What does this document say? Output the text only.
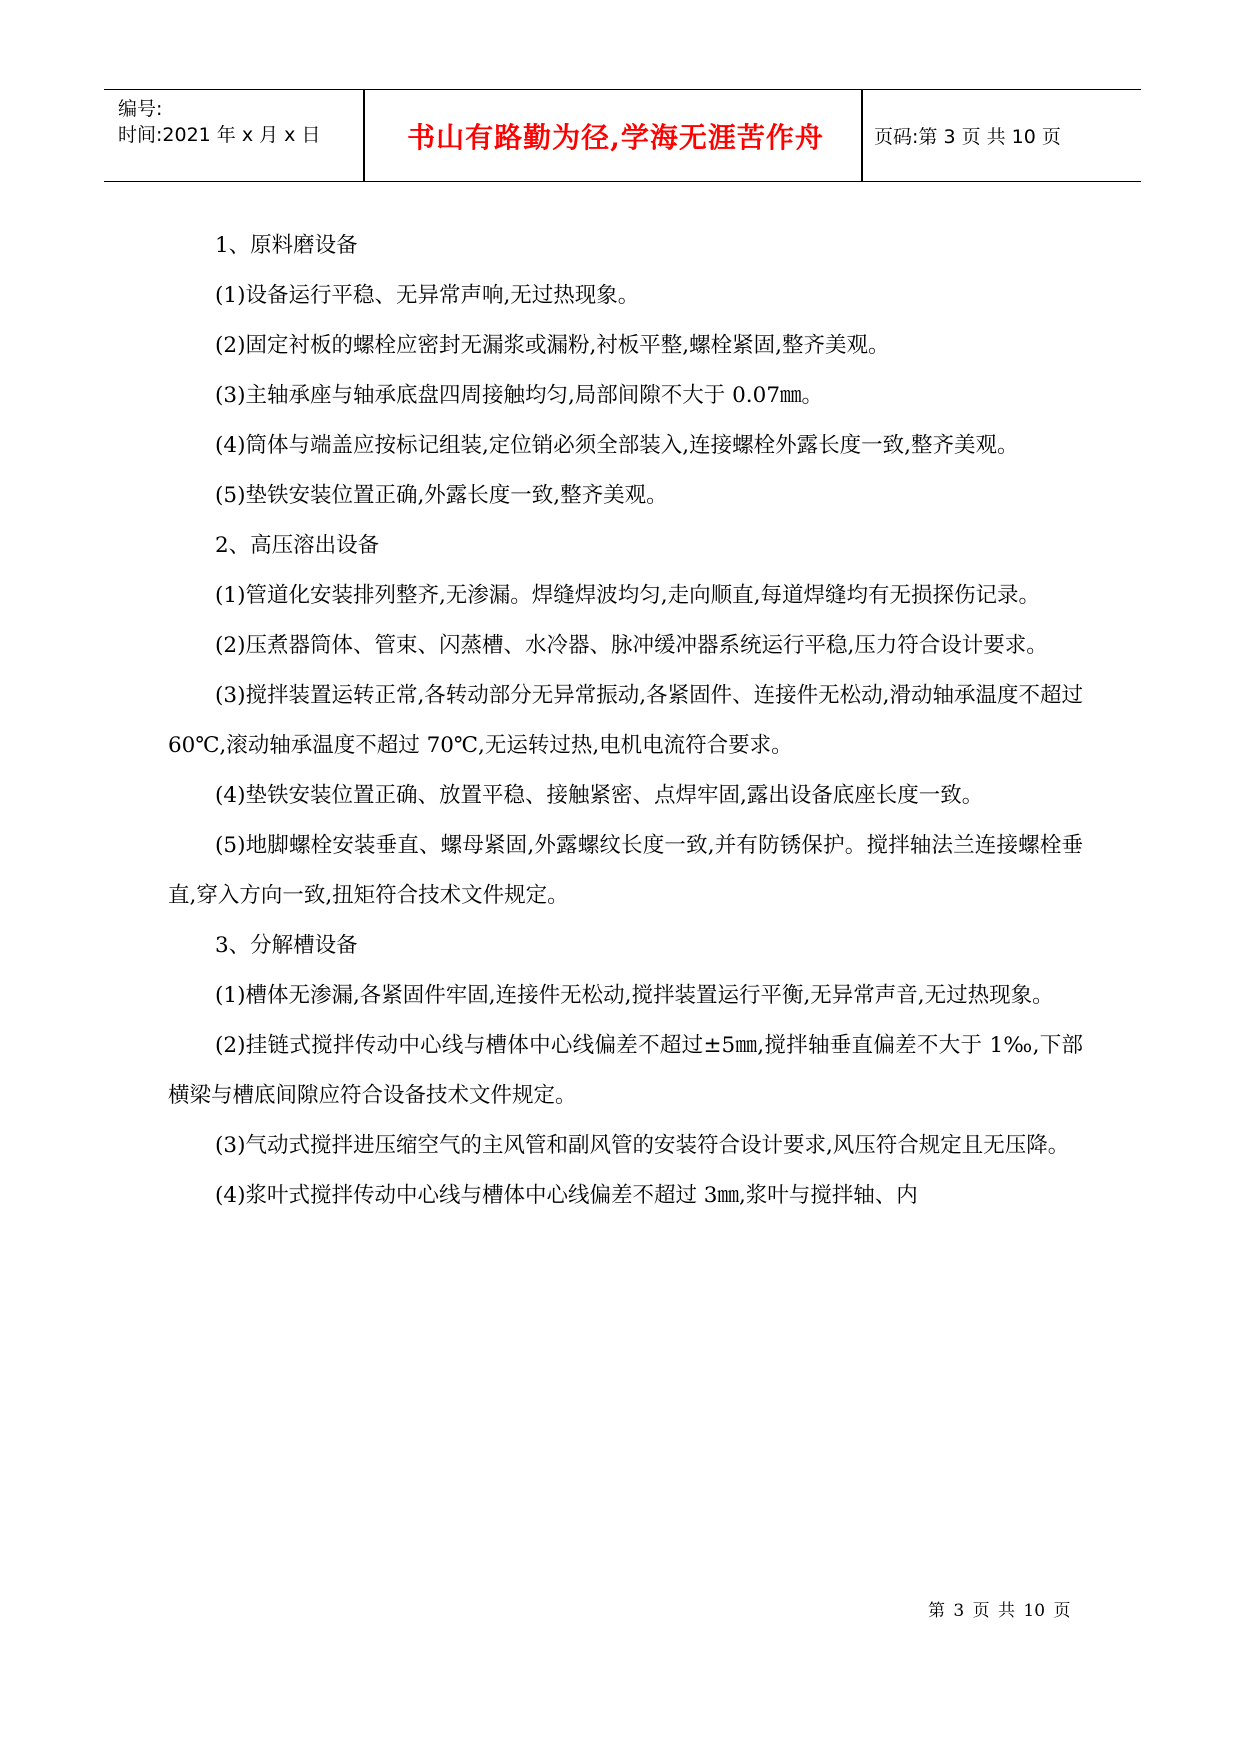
编号:
时间:2021 年 x 月 x 日	书山有路勤为径,学海无涯苦作舟	页码:第 3 页 共 10 页

1、原料磨设备

(1)设备运行平稳、无异常声响,无过热现象。

(2)固定衬板的螺栓应密封无漏浆或漏粉,衬板平整,螺栓紧固,整齐美观。

(3)主轴承座与轴承底盘四周接触均匀,局部间隙不大于 0.07㎜。

(4)筒体与端盖应按标记组装,定位销必须全部装入,连接螺栓外露长度一致,整齐美观。

(5)垫铁安装位置正确,外露长度一致,整齐美观。

2、高压溶出设备

(1)管道化安装排列整齐,无渗漏。焊缝焊波均匀,走向顺直,每道焊缝均有无损探伤记录。

(2)压煮器筒体、管束、闪蒸槽、水冷器、脉冲缓冲器系统运行平稳,压力符合设计要求。

(3)搅拌装置运转正常,各转动部分无异常振动,各紧固件、连接件无松动,滑动轴承温度不超过 60℃,滚动轴承温度不超过 70℃,无运转过热,电机电流符合要求。

(4)垫铁安装位置正确、放置平稳、接触紧密、点焊牢固,露出设备底座长度一致。

(5)地脚螺栓安装垂直、螺母紧固,外露螺纹长度一致,并有防锈保护。搅拌轴法兰连接螺栓垂直,穿入方向一致,扭矩符合技术文件规定。

3、分解槽设备

(1)槽体无渗漏,各紧固件牢固,连接件无松动,搅拌装置运行平衡,无异常声音,无过热现象。

(2)挂链式搅拌传动中心线与槽体中心线偏差不超过±5㎜,搅拌轴垂直偏差不大于 1‰,下部横梁与槽底间隙应符合设备技术文件规定。

(3)气动式搅拌进压缩空气的主风管和副风管的安装符合设计要求,风压符合规定且无压降。

(4)浆叶式搅拌传动中心线与槽体中心线偏差不超过 3㎜,浆叶与搅拌轴、内

第 3 页 共 10 页
